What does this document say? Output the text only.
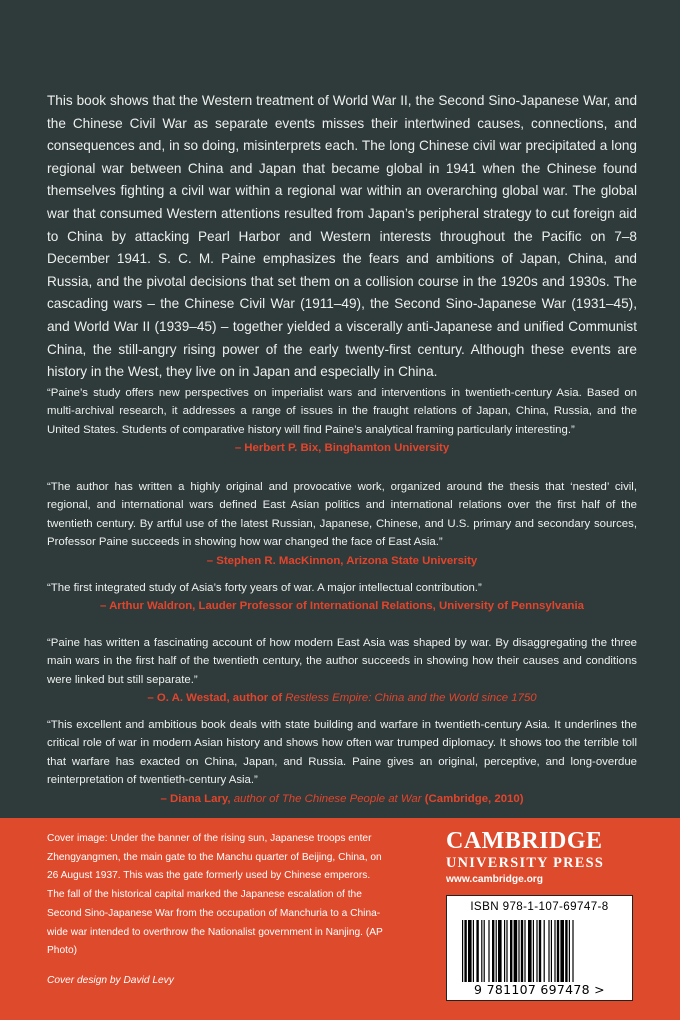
This book shows that the Western treatment of World War II, the Second Sino-Japanese War, and the Chinese Civil War as separate events misses their intertwined causes, connections, and consequences and, in so doing, misinterprets each. The long Chinese civil war precipitated a long regional war between China and Japan that became global in 1941 when the Chinese found themselves fighting a civil war within a regional war within an overarching global war. The global war that consumed Western attentions resulted from Japan’s peripheral strategy to cut foreign aid to China by attacking Pearl Harbor and Western interests throughout the Pacific on 7–8 December 1941. S. C. M. Paine emphasizes the fears and ambitions of Japan, China, and Russia, and the pivotal decisions that set them on a collision course in the 1920s and 1930s. The cascading wars – the Chinese Civil War (1911–49), the Second Sino-Japanese War (1931–45), and World War II (1939–45) – together yielded a viscerally anti-Japanese and unified Communist China, the still-angry rising power of the early twenty-first century. Although these events are history in the West, they live on in Japan and especially in China.

“Paine’s study offers new perspectives on imperialist wars and interventions in twentieth-century Asia. Based on multi-archival research, it addresses a range of issues in the fraught relations of Japan, China, Russia, and the United States. Students of comparative history will find Paine’s analytical framing particularly interesting.”
– Herbert P. Bix, Binghamton University

“The author has written a highly original and provocative work, organized around the thesis that ‘nested’ civil, regional, and international wars defined East Asian politics and international relations over the first half of the twentieth century. By artful use of the latest Russian, Japanese, Chinese, and U.S. primary and secondary sources, Professor Paine succeeds in showing how war changed the face of East Asia.”
– Stephen R. MacKinnon, Arizona State University

“The first integrated study of Asia’s forty years of war. A major intellectual contribution.”
– Arthur Waldron, Lauder Professor of International Relations, University of Pennsylvania

“Paine has written a fascinating account of how modern East Asia was shaped by war. By disaggregating the three main wars in the first half of the twentieth century, the author succeeds in showing how their causes and conditions were linked but still separate.”
– O. A. Westad, author of Restless Empire: China and the World since 1750

“This excellent and ambitious book deals with state building and warfare in twentieth-century Asia. It underlines the critical role of war in modern Asian history and shows how often war trumped diplomacy. It shows too the terrible toll that warfare has exacted on China, Japan, and Russia. Paine gives an original, perceptive, and long-overdue reinterpretation of twentieth-century Asia.”
– Diana Lary, author of The Chinese People at War (Cambridge, 2010)

Cover image: Under the banner of the rising sun, Japanese troops enter Zhengyangmen, the main gate to the Manchu quarter of Beijing, China, on 26 August 1937. This was the gate formerly used by Chinese emperors. The fall of the historical capital marked the Japanese escalation of the Second Sino-Japanese War from the occupation of Manchuria to a China-wide war intended to overthrow the Nationalist government in Nanjing. (AP Photo)

Cover design by David Levy
CAMBRIDGE
UNIVERSITY PRESS
www.cambridge.org
ISBN 978-1-107-69747-8
9 781107 697478 >
